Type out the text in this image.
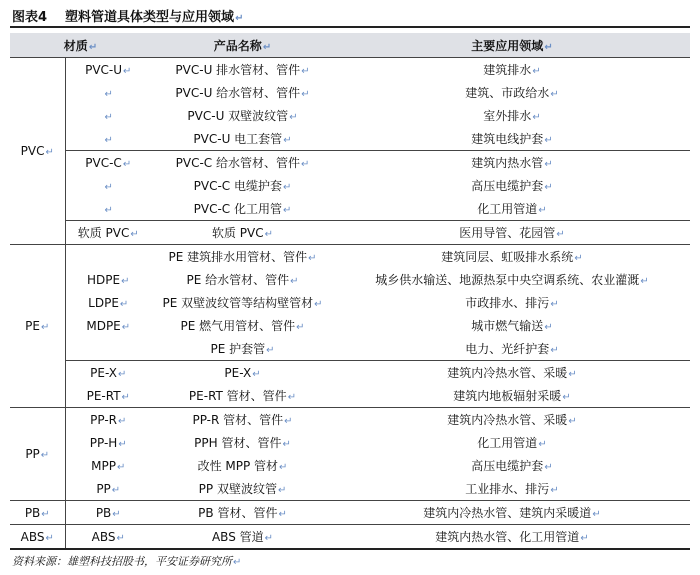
图表4 塑料管道具体类型与应用领域↵
材质↵		产品名称↵	主要应用领域↵
PVC↵	PVC-U↵	PVC-U 排水管材、管件↵	建筑排水↵
	↵	PVC-U 给水管材、管件↵	建筑、市政给水↵
	↵	PVC-U 双壁波纹管↵	室外排水↵
	↵	PVC-U 电工套管↵	建筑电线护套↵
	PVC-C↵	PVC-C 给水管材、管件↵	建筑内热水管↵
	↵	PVC-C 电缆护套↵	高压电缆护套↵
	↵	PVC-C 化工用管↵	化工用管道↵
	软质 PVC↵	软质 PVC↵	医用导管、花园管↵
PE↵		PE 建筑排水用管材、管件↵	建筑同层、虹吸排水系统↵
	HDPE↵	PE 给水管材、管件↵	城乡供水输送、地源热泵中央空调系统、农业灌溉↵
	LDPE↵	PE 双壁波纹管等结构壁管材↵	市政排水、排污↵
	MDPE↵	PE 燃气用管材、管件↵	城市燃气输送↵
		PE 护套管↵	电力、光纤护套↵
	PE-X↵	PE-X↵	建筑内冷热水管、采暖↵
	PE-RT↵	PE-RT 管材、管件↵	建筑内地板辐射采暖↵
PP↵	PP-R↵	PP-R 管材、管件↵	建筑内冷热水管、采暖↵
	PP-H↵	PPH 管材、管件↵	化工用管道↵
	MPP↵	改性 MPP 管材↵	高压电缆护套↵
	PP↵	PP 双壁波纹管↵	工业排水、排污↵
PB↵	PB↵	PB 管材、管件↵	建筑内冷热水管、建筑内采暖道↵
ABS↵	ABS↵	ABS 管道↵	建筑内热水管、化工用管道↵
资料来源：雄塑科技招股书，平安证券研究所↵
